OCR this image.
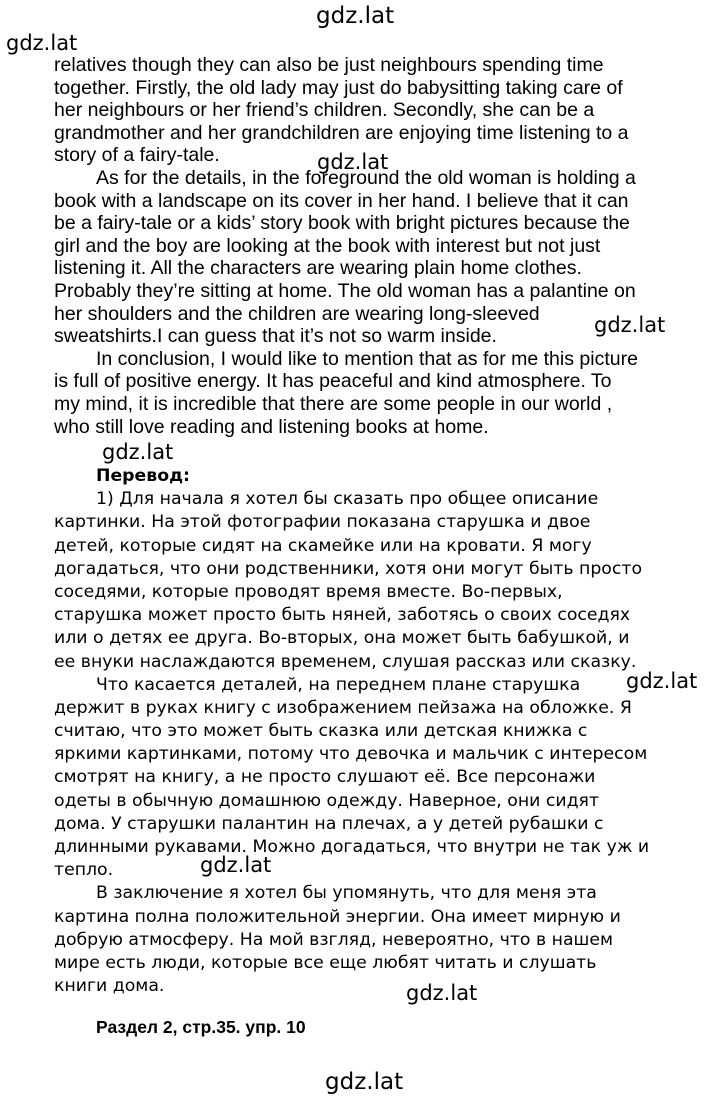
gdz.lat
gdz.lat
relatives though they can also be just neighbours spending time
together. Firstly, the old lady may just do babysitting taking care of
her neighbours or her friend’s children. Secondly, she can be a
grandmother and her grandchildren are enjoying time listening to a
story of a fairy-tale.
As for the details, in the foreground the old woman is holding a
book with a landscape on its cover in her hand. I believe that it can
be a fairy-tale or a kids’ story book with bright pictures because the
girl and the boy are looking at the book with interest but not just
listening it. All the characters are wearing plain home clothes.
Probably they’re sitting at home. The old woman has a palantine on
her shoulders and the children are wearing long-sleeved
sweatshirts.I can guess that it’s not so warm inside.
In conclusion, I would like to mention that as for me this picture
is full of positive energy. It has peaceful and kind atmosphere. To
my mind, it is incredible that there are some people in our world ,
who still love reading and listening books at home.
gdz.lat
gdz.lat
gdz.lat
Перевод:
1) Для начала я хотел бы сказать про общее описание
картинки. На этой фотографии показана старушка и двое
детей, которые сидят на скамейке или на кровати. Я могу
догадаться, что они родственники, хотя они могут быть просто
соседями, которые проводят время вместе. Во-первых,
старушка может просто быть няней, заботясь о своих соседях
или о детях ее друга. Во-вторых, она может быть бабушкой, и
ее внуки наслаждаются временем, слушая рассказ или сказку.
Что касается деталей, на переднем плане старушка
держит в руках книгу с изображением пейзажа на обложке. Я
считаю, что это может быть сказка или детская книжка с
яркими картинками, потому что девочка и мальчик с интересом
смотрят на книгу, а не просто слушают её. Все персонажи
одеты в обычную домашнюю одежду. Наверное, они сидят
дома. У старушки палантин на плечах, а у детей рубашки с
длинными рукавами. Можно догадаться, что внутри не так уж и
тепло.
В заключение я хотел бы упомянуть, что для меня эта
картина полна положительной энергии. Она имеет мирную и
добрую атмосферу. На мой взгляд, невероятно, что в нашем
мире есть люди, которые все еще любят читать и слушать
книги дома.
gdz.lat
gdz.lat
gdz.lat
Раздел 2, стр.35. упр. 10
gdz.lat
